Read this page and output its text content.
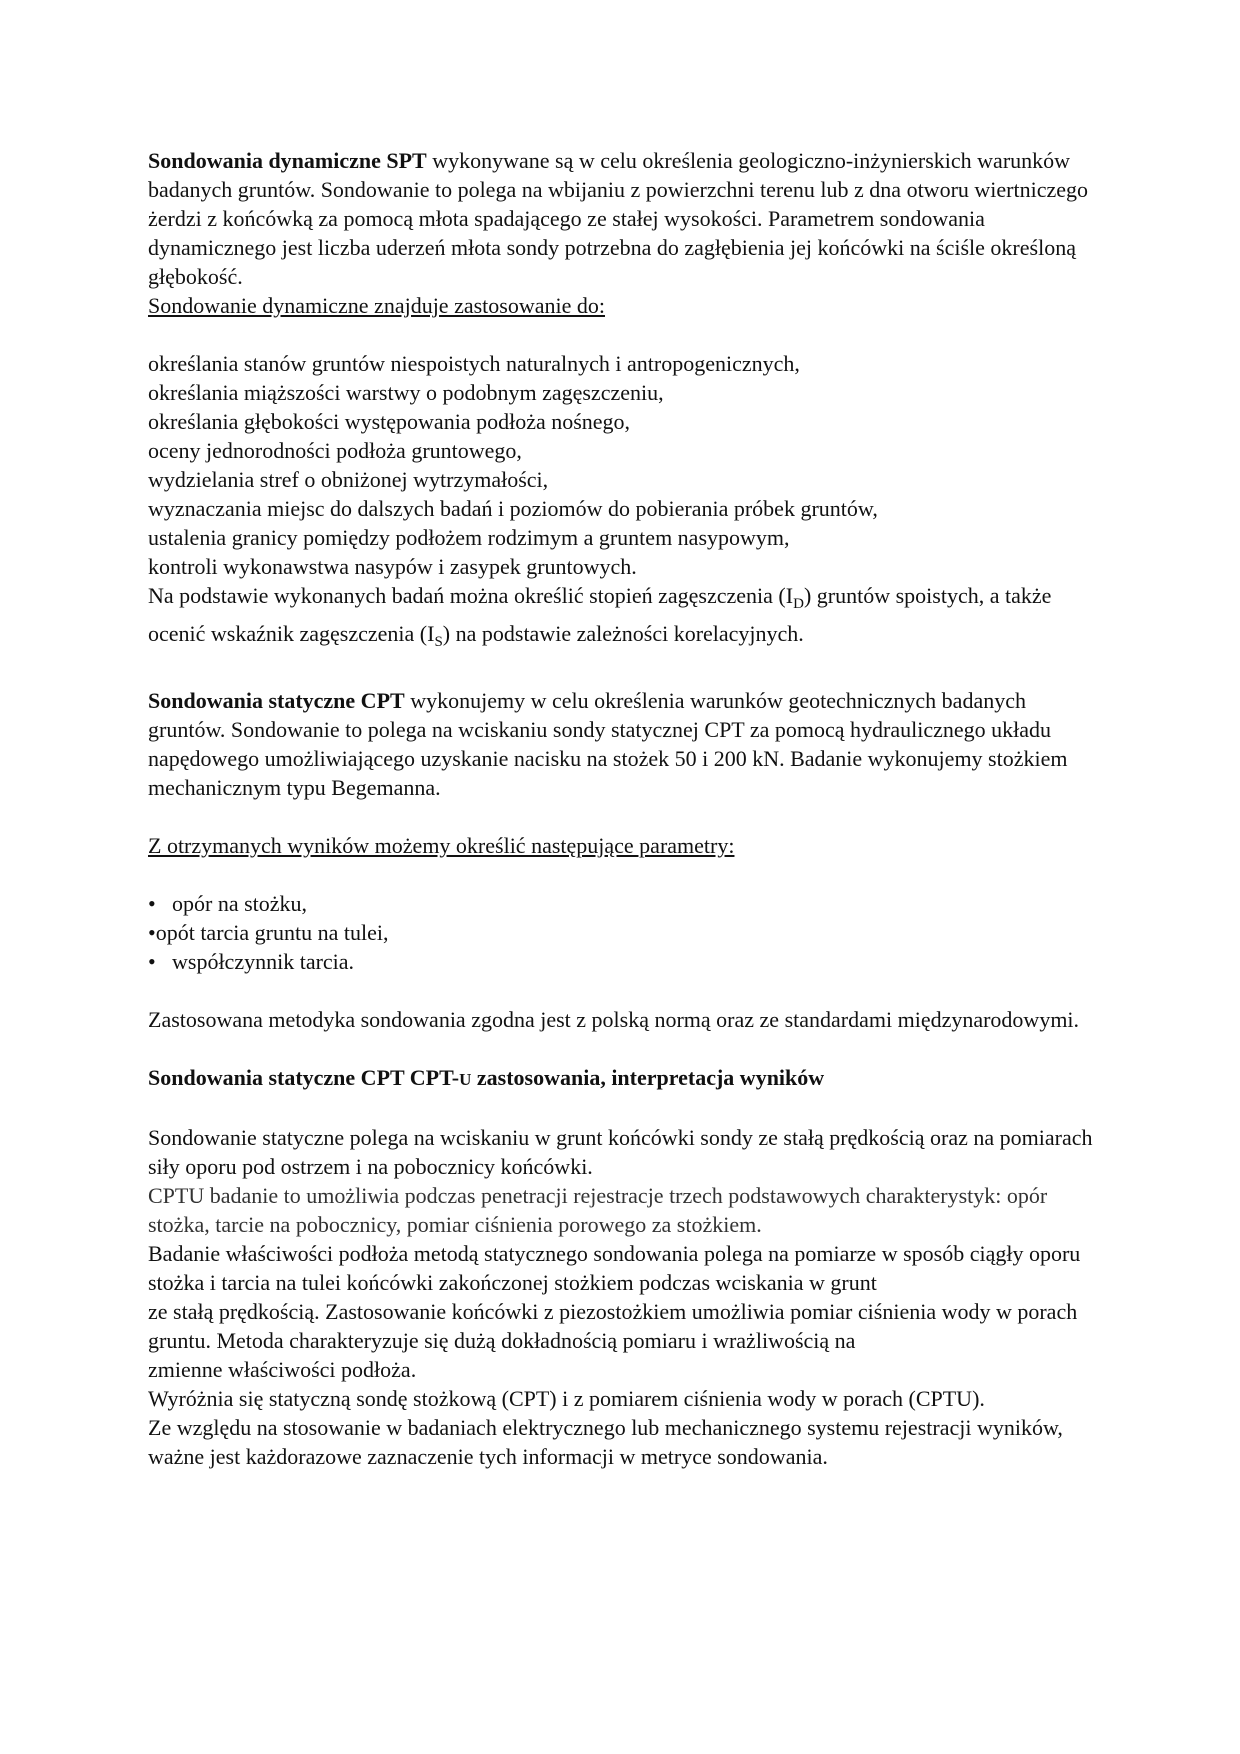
Sondowania dynamiczne SPT wykonywane są w celu określenia geologiczno-inżynierskich warunków badanych gruntów. Sondowanie to polega na wbijaniu z powierzchni terenu lub z dna otworu wiertniczego żerdzi z końcówką za pomocą młota spadającego ze stałej wysokości. Parametrem sondowania dynamicznego jest liczba uderzeń młota sondy potrzebna do zagłębienia jej końcówki na ściśle określoną głębokość.

Sondowanie dynamiczne znajduje zastosowanie do:

określania stanów gruntów niespoistych naturalnych i antropogenicznych,

określania miąższości warstwy o podobnym zagęszczeniu,

określania głębokości występowania podłoża nośnego,

oceny jednorodności podłoża gruntowego,

wydzielania stref o obniżonej wytrzymałości,

wyznaczania miejsc do dalszych badań i poziomów do pobierania próbek gruntów,

ustalenia granicy pomiędzy podłożem rodzimym a gruntem nasypowym,

kontroli wykonawstwa nasypów i zasypek gruntowych.

Na podstawie wykonanych badań można określić stopień zagęszczenia $(I_D)$ gruntów spoistych, a także ocenić wskaźnik zagęszczenia $(I_S)$ na podstawie zależności korelacyjnych.

Sondowania statyczne CPT wykonujemy w celu określenia warunków geotechnicznych badanych gruntów. Sondowanie to polega na wciskaniu sondy statycznej CPT za pomocą hydraulicznego układu napędowego umożliwiającego uzyskanie nacisku na stożek 50 i 200 kN. Badanie wykonujemy stożkiem mechanicznym typu Begemanna.

Z otrzymanych wyników możemy określić następujące parametry:

• opór na stożku,
•opót tarcia gruntu na tulei,
• współczynnik tarcia.

Zastosowana metodyka sondowania zgodna jest z polską normą oraz ze standardami międzynarodowymi.

Sondowania statyczne CPT CPT-U zastosowania, interpretacja wyników

Sondowanie statyczne polega na wciskaniu w grunt końcówki sondy ze stałą prędkością oraz na pomiarach siły oporu pod ostrzem i na pobocznicy końcówki.

CPTU badanie to umożliwia podczas penetracji rejestracje trzech podstawowych charakterystyk: opór stożka, tarcie na pobocznicy, pomiar ciśnienia porowego za stożkiem.

Badanie właściwości podłoża metodą statycznego sondowania polega na pomiarze w sposób ciągły oporu stożka i tarcia na tulei końcówki zakończonej stożkiem podczas wciskania w grunt

ze stałą prędkością. Zastosowanie końcówki z piezostożkiem umożliwia pomiar ciśnienia wody w porach gruntu. Metoda charakteryzuje się dużą dokładnością pomiaru i wrażliwością na

zmienne właściwości podłoża.

Wyróżnia się statyczną sondę stożkową (CPT) i z pomiarem ciśnienia wody w porach (CPTU).

Ze względu na stosowanie w badaniach elektrycznego lub mechanicznego systemu rejestracji wyników, ważne jest każdorazowe zaznaczenie tych informacji w metryce sondowania.
